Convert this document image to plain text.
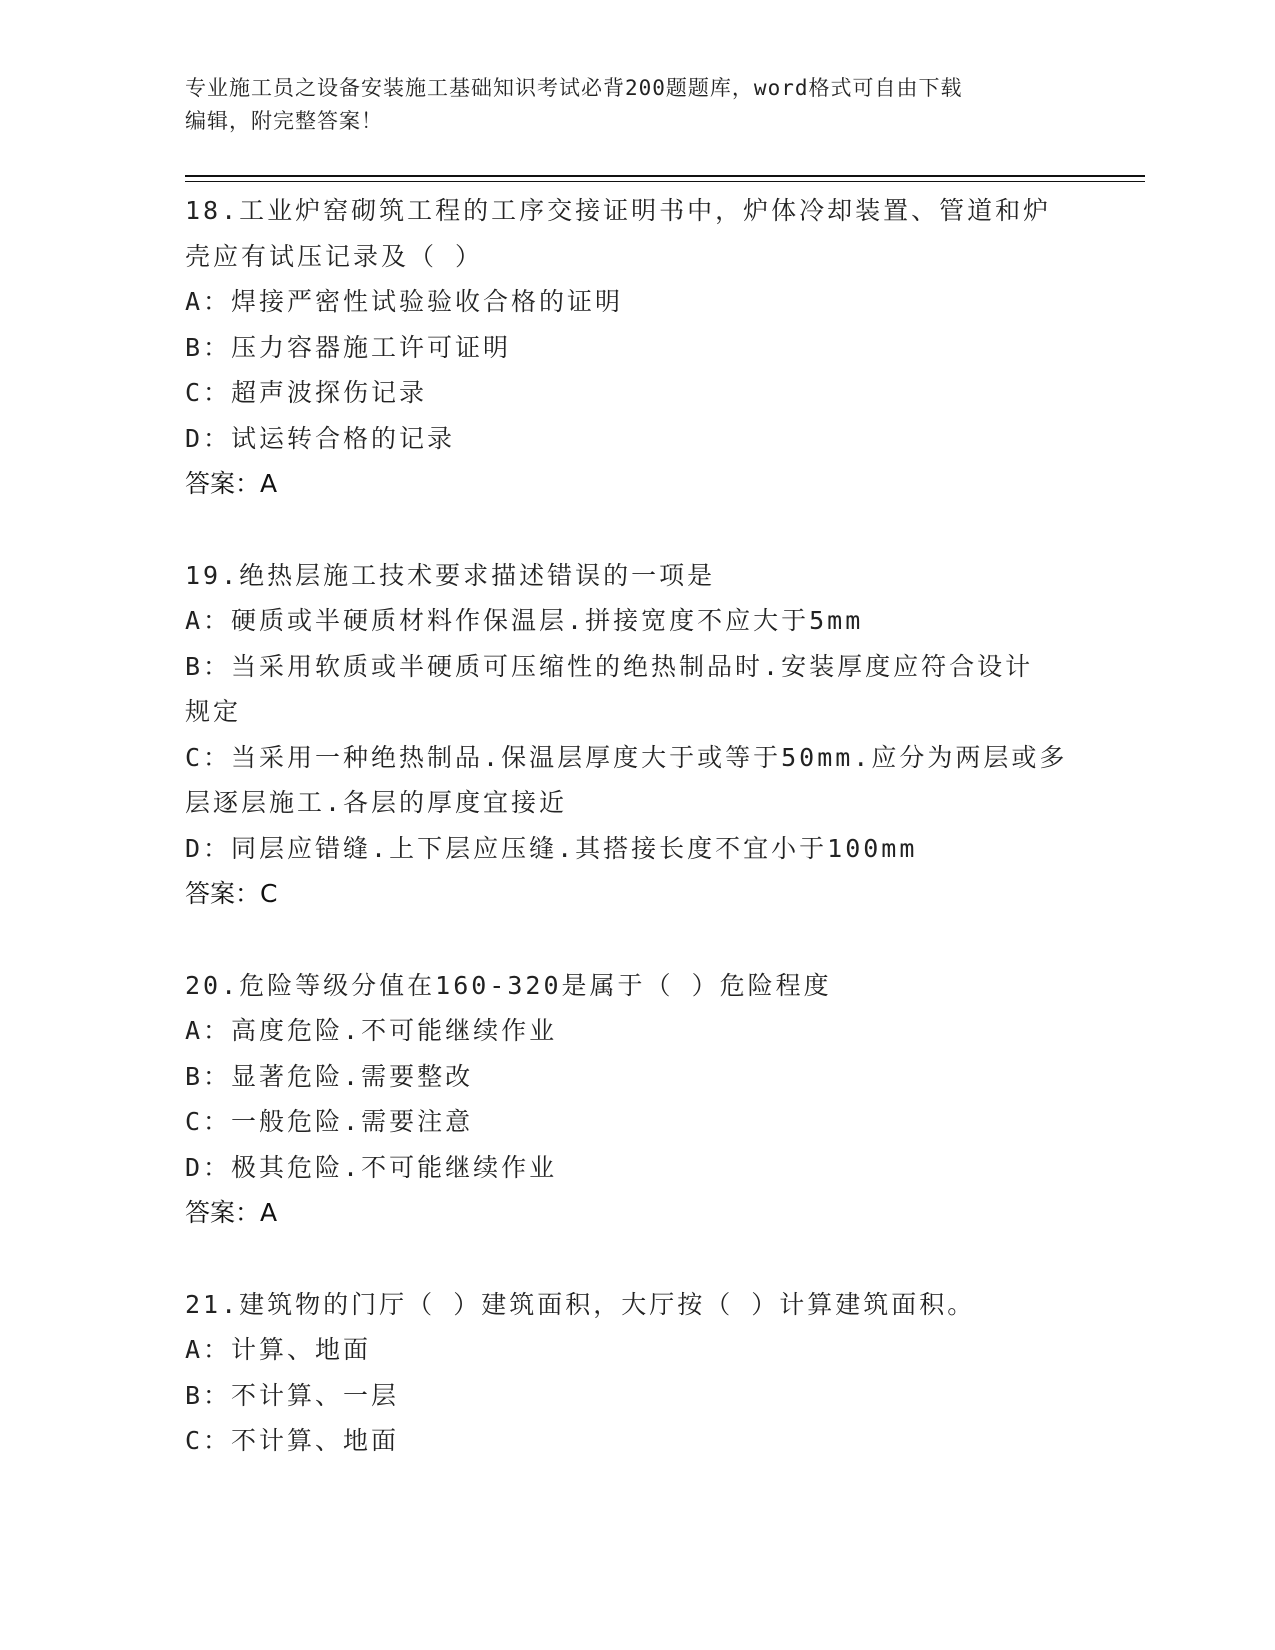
专业施工员之设备安装施工基础知识考试必背200题题库，word格式可自由下载
编辑，附完整答案！
18.工业炉窑砌筑工程的工序交接证明书中，炉体冷却装置、管道和炉
壳应有试压记录及（ ）
A：焊接严密性试验验收合格的证明
B：压力容器施工许可证明
C：超声波探伤记录
D：试运转合格的记录
答案：A
19.绝热层施工技术要求描述错误的一项是
A：硬质或半硬质材料作保温层.拼接宽度不应大于5mm
B：当采用软质或半硬质可压缩性的绝热制品时.安装厚度应符合设计
规定
C：当采用一种绝热制品.保温层厚度大于或等于50mm.应分为两层或多
层逐层施工.各层的厚度宜接近
D：同层应错缝.上下层应压缝.其搭接长度不宜小于100mm
答案：C
20.危险等级分值在160-320是属于（ ）危险程度
A：高度危险.不可能继续作业
B：显著危险.需要整改
C：一般危险.需要注意
D：极其危险.不可能继续作业
答案：A
21.建筑物的门厅（ ）建筑面积，大厅按（ ）计算建筑面积。
A：计算、地面
B：不计算、一层
C：不计算、地面
